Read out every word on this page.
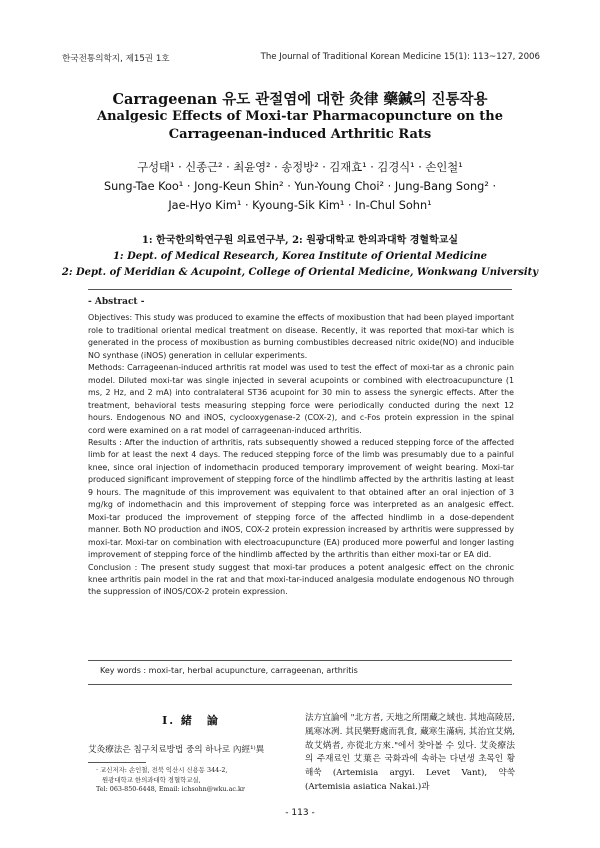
한국전통의학지, 제15권 1호	The Journal of Traditional Korean Medicine 15(1): 113~127, 2006
Carrageenan 유도 관절염에 대한 灸律 藥鍼의 진통작용
Analgesic Effects of Moxi-tar Pharmacopuncture on the Carrageenan-induced Arthritic Rats

구성태¹ · 신종근² · 최윤영² · 송정방² · 김재효¹ · 김경식¹ · 손인철¹

Sung-Tae Koo¹ · Jong-Keun Shin² · Yun-Young Choi² · Jung-Bang Song² ·

Jae-Hyo Kim¹ · Kyoung-Sik Kim¹ · In-Chul Sohn¹

1: 한국한의학연구원 의료연구부, 2: 원광대학교 한의과대학 경혈학교실

1: Dept. of Medical Research, Korea Institute of Oriental Medicine

2: Dept. of Meridian & Acupoint, College of Oriental Medicine, Wonkwang University

- Abstract -

Objectives: This study was produced to examine the effects of moxibustion that had been played important role to traditional oriental medical treatment on disease. Recently, it was reported that moxi-tar which is generated in the process of moxibustion as burning combustibles decreased nitric oxide(NO) and inducible NO synthase (iNOS) generation in cellular experiments.

Methods: Carrageenan-induced arthritis rat model was used to test the effect of moxi-tar as a chronic pain model. Diluted moxi-tar was single injected in several acupoints or combined with electroacupuncture (1 ms, 2 Hz, and 2 mA) into contralateral ST36 acupoint for 30 min to assess the synergic effects. After the treatment, behavioral tests measuring stepping force were periodically conducted during the next 12 hours. Endogenous NO and iNOS, cyclooxygenase-2 (COX-2), and c-Fos protein expression in the spinal cord were examined on a rat model of carrageenan-induced arthritis.

Results : After the induction of arthritis, rats subsequently showed a reduced stepping force of the affected limb for at least the next 4 days. The reduced stepping force of the limb was presumably due to a painful knee, since oral injection of indomethacin produced temporary improvement of weight bearing. Moxi-tar produced significant improvement of stepping force of the hindlimb affected by the arthritis lasting at least 9 hours. The magnitude of this improvement was equivalent to that obtained after an oral injection of 3 mg/kg of indomethacin and this improvement of stepping force was interpreted as an analgesic effect. Moxi-tar produced the improvement of stepping force of the affected hindlimb in a dose-dependent manner. Both NO production and iNOS, COX-2 protein expression increased by arthritis were suppressed by moxi-tar. Moxi-tar on combination with electroacupuncture (EA) produced more powerful and longer lasting improvement of stepping force of the hindlimb affected by the arthritis than either moxi-tar or EA did.

Conclusion : The present study suggest that moxi-tar produces a potent analgesic effect on the chronic knee arthritis pain model in the rat and that moxi-tar-induced analgesia modulate endogenous NO through the suppression of iNOS/COX-2 protein expression.

Key words : moxi-tar, herbal acupuncture, carrageenan, arthritis
I. 緒　論
艾灸療法은 침구치료방법 중의 하나로 內經¹⁾異

· 교신저자: 손인철, 전북 익산시 신용동 344-2,

원광대학교 한의과대학 경혈학교실,

Tel: 063-850-6448, Email: ichsohn@wku.ac.kr

法方宜論에 "北方者, 天地之所閉藏之域也. 其地高陵居, 風寒冰冽. 其民樂野處而乳食, 藏寒生滿病, 其治宜艾焫, 故艾焫者, 亦從北方來."에서 찾아볼 수 있다. 艾灸療法의 주재료인 艾葉은 국화과에 속하는 다년생 초목인 황해쑥 (Artemisia argyi. Levet Vant), 약쑥 (Artemisia asiatica Nakai.)과

- 113 -
